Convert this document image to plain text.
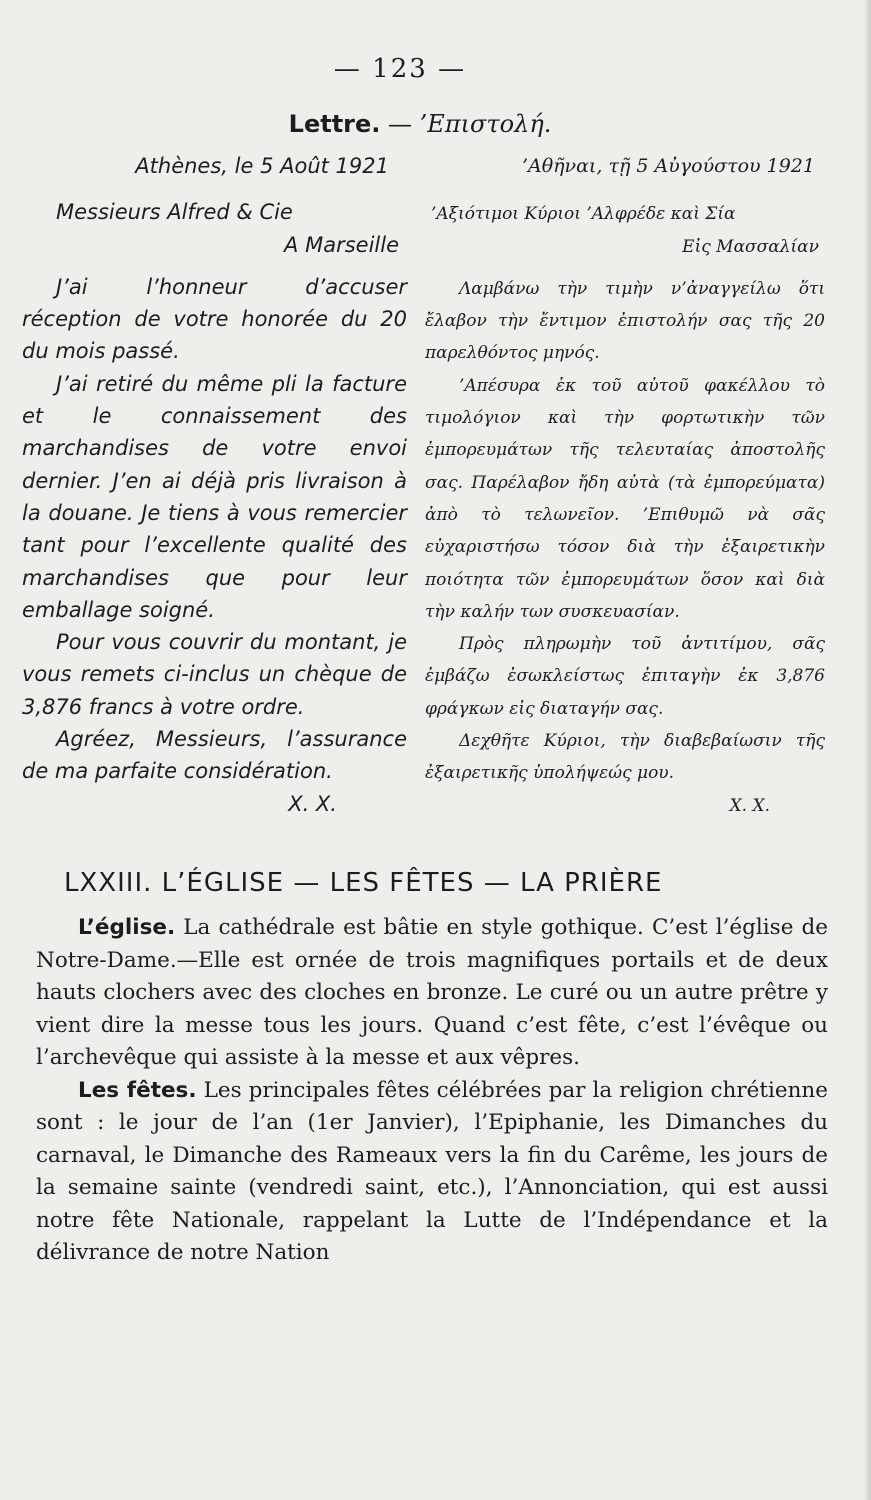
— 123 —
Lettre. — ’Επιστολή.
Athènes, le 5 Août 1921
Messieurs Alfred & Cie
A Marseille
J’ai l’honneur d’accuser réception de votre honorée du 20 du mois passé.
J’ai retiré du même pli la facture et le connaissement des marchandises de votre envoi dernier. J’en ai déjà pris livraison à la douane. Je tiens à vous remercier tant pour l’excellente qualité des marchandises que pour leur emballage soigné.
Pour vous couvrir du montant, je vous remets ci-inclus un chèque de 3,876 francs à votre ordre.
Agréez, Messieurs, l’assurance de ma parfaite considération.
X. X.
’Αθῆναι, τῇ 5 Αὐγούστου 1921
’Αξιότιμοι Κύριοι ’Αλφρέδε καὶ Σία
Εἰς Μασσαλίαν
Λαμβάνω τὴν τιμὴν ν’ἀναγγείλω ὅτι ἔλαβον τὴν ἔντιμον ἐπιστολήν σας τῆς 20 παρελθόντος μηνός.
’Απέσυρα ἐκ τοῦ αὐτοῦ φακέλλου τὸ τιμολόγιον καὶ τὴν φορτωτικὴν τῶν ἐμπορευμάτων τῆς τελευταίας ἀποστολῆς σας. Παρέλαβον ἤδη αὐτὰ (τὰ ἐμπορεύματα) ἀπὸ τὸ τελωνεῖον. ’Επιθυμῶ νὰ σᾶς εὐχαριστήσω τόσον διὰ τὴν ἐξαιρετικὴν ποιότητα τῶν ἐμπορευμάτων ὅσον καὶ διὰ τὴν καλήν των συσκευασίαν.
Πρὸς πληρωμὴν τοῦ ἀντιτίμου, σᾶς ἐμβάζω ἐσωκλείστως ἐπιταγὴν ἐκ 3,876 φράγκων εἰς διαταγήν σας.
Δεχθῆτε Κύριοι, τὴν διαβεβαίωσιν τῆς ἐξαιρετικῆς ὑπολήψεώς μου.
X. X.
LXXIII. L’ÉGLISE — LES FÊTES — LA PRIÈRE

L’église. La cathédrale est bâtie en style gothique. C’est l’église de Notre-Dame.—Elle est ornée de trois magnifiques portails et de deux hauts clochers avec des cloches en bronze. Le curé ou un autre prêtre y vient dire la messe tous les jours. Quand c’est fête, c’est l’évêque ou l’archevêque qui assiste à la messe et aux vêpres.

Les fêtes. Les principales fêtes célébrées par la religion chrétienne sont : le jour de l’an (1er Janvier), l’Epiphanie, les Dimanches du carnaval, le Dimanche des Rameaux vers la fin du Carême, les jours de la semaine sainte (vendredi saint, etc.), l’Annonciation, qui est aussi notre fête Nationale, rappelant la Lutte de l’Indépendance et la délivrance de notre Nation
